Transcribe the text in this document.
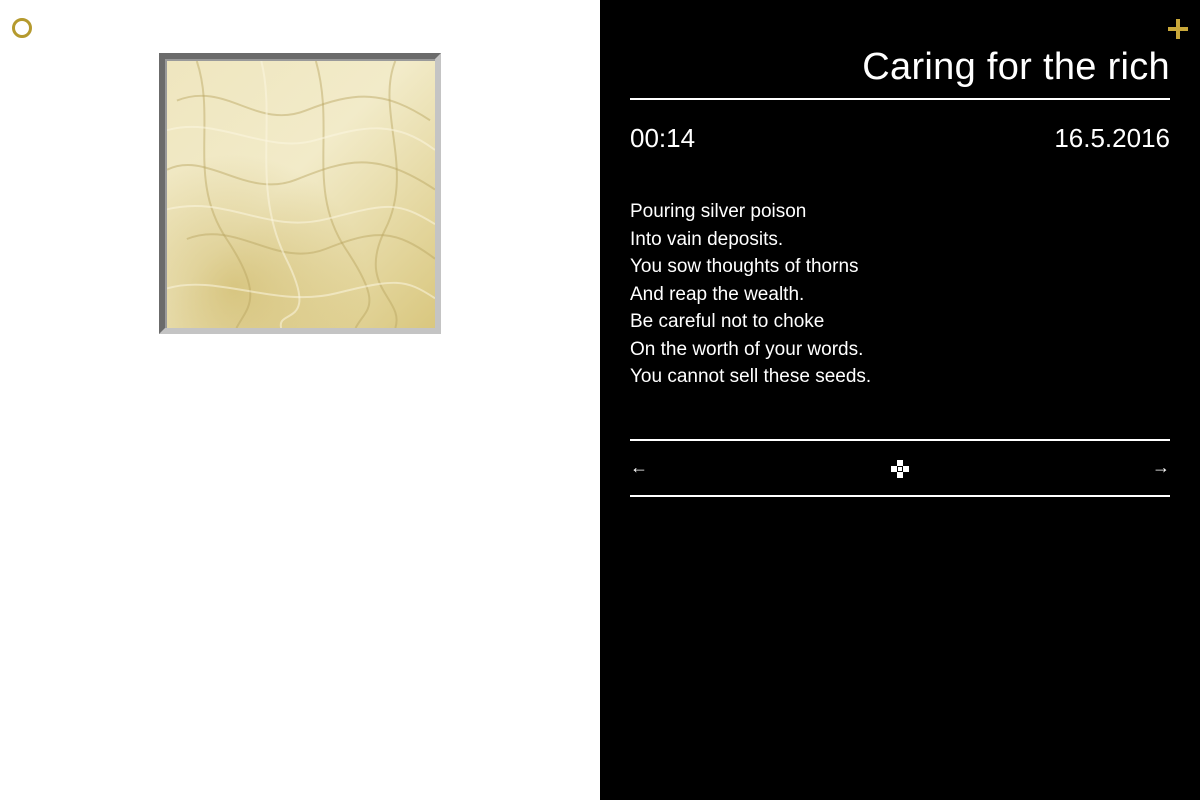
Caring for the rich
00:14	16.5.2016
Pouring silver poison
Into vain deposits.
You sow thoughts of thorns
And reap the wealth.
Be careful not to choke
On the worth of your words.
You cannot sell these seeds.
←	→
